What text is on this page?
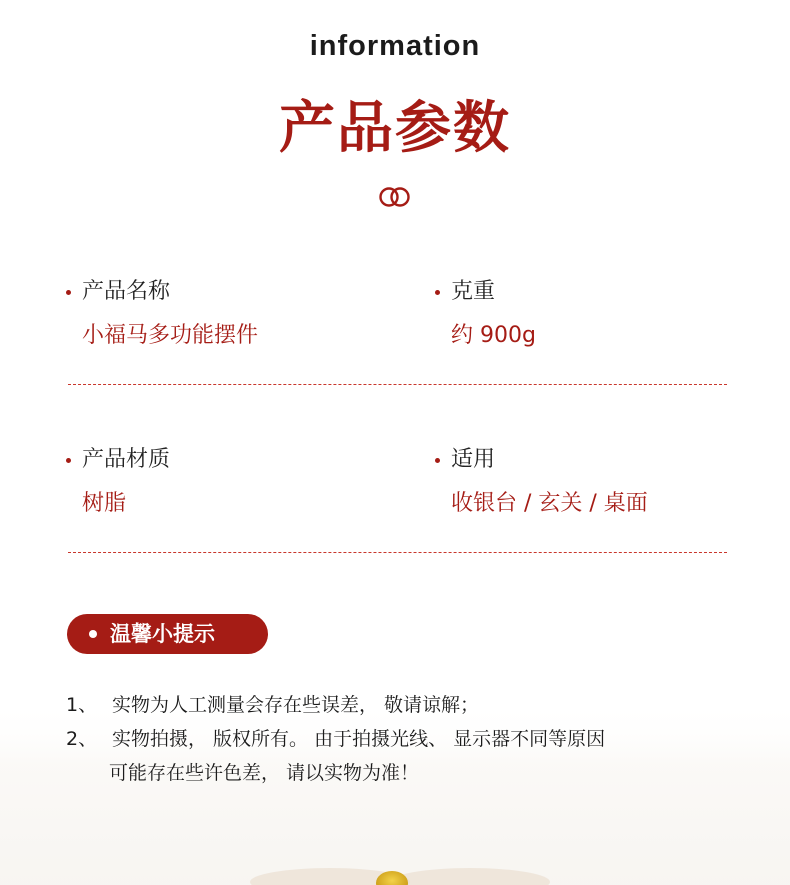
information
产品参数
产品名称
小福马多功能摆件
克重
约 900g
产品材质
树脂
适用
收银台 / 玄关 / 桌面
温馨小提示
1、 实物为人工测量会存在些误差， 敬请谅解；
2、 实物拍摄， 版权所有。 由于拍摄光线、 显示器不同等原因
可能存在些许色差， 请以实物为准！
